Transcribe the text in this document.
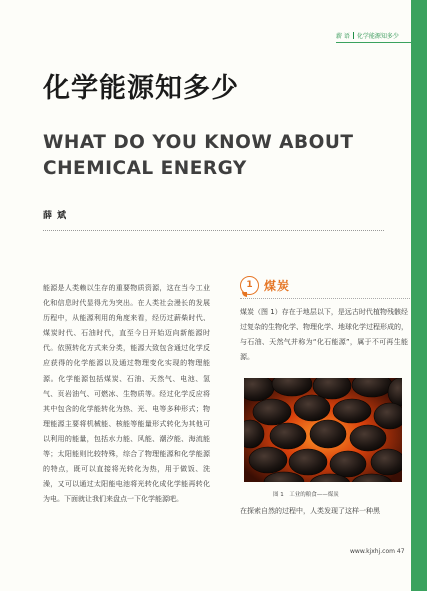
薪 语 化学能源知多少
化学能源知多少
WHAT DO YOU KNOW ABOUT CHEMICAL ENERGY
薛 斌

能源是人类赖以生存的重要物质资源，这在当今工业化和信息时代显得尤为突出。在人类社会漫长的发展历程中，从能源利用的角度来看，经历过薪柴时代、煤炭时代、石油时代，直至今日开始迈向新能源时代。依照转化方式来分类，能源大致包含通过化学反应获得的化学能源以及通过物理变化实现的物理能源。化学能源包括煤炭、石油、天然气、电池、氢气、页岩油气、可燃冰、生物质等。经过化学反应将其中包含的化学能转化为热、光、电等多种形式；物理能源主要将机械能、核能等能量形式转化为其他可以利用的能量，包括水力能、风能、潮汐能、海流能等；太阳能则比较特殊，综合了物理能源和化学能源的特点，既可以直接将光转化为热，用于做饭、洗澡，又可以通过太阳能电池将光转化成化学能再转化为电。下面就让我们来盘点一下化学能源吧。

1 煤炭

煤炭（图 1）存在于地层以下，是远古时代植物残骸经过复杂的生物化学、物理化学、地球化学过程形成的，与石油、天然气并称为“化石能源”，属于不可再生能源。

图 1　工业的粮食——煤炭

在探索自然的过程中，人类发现了这样一种黑

www.kjxhj.com 47
